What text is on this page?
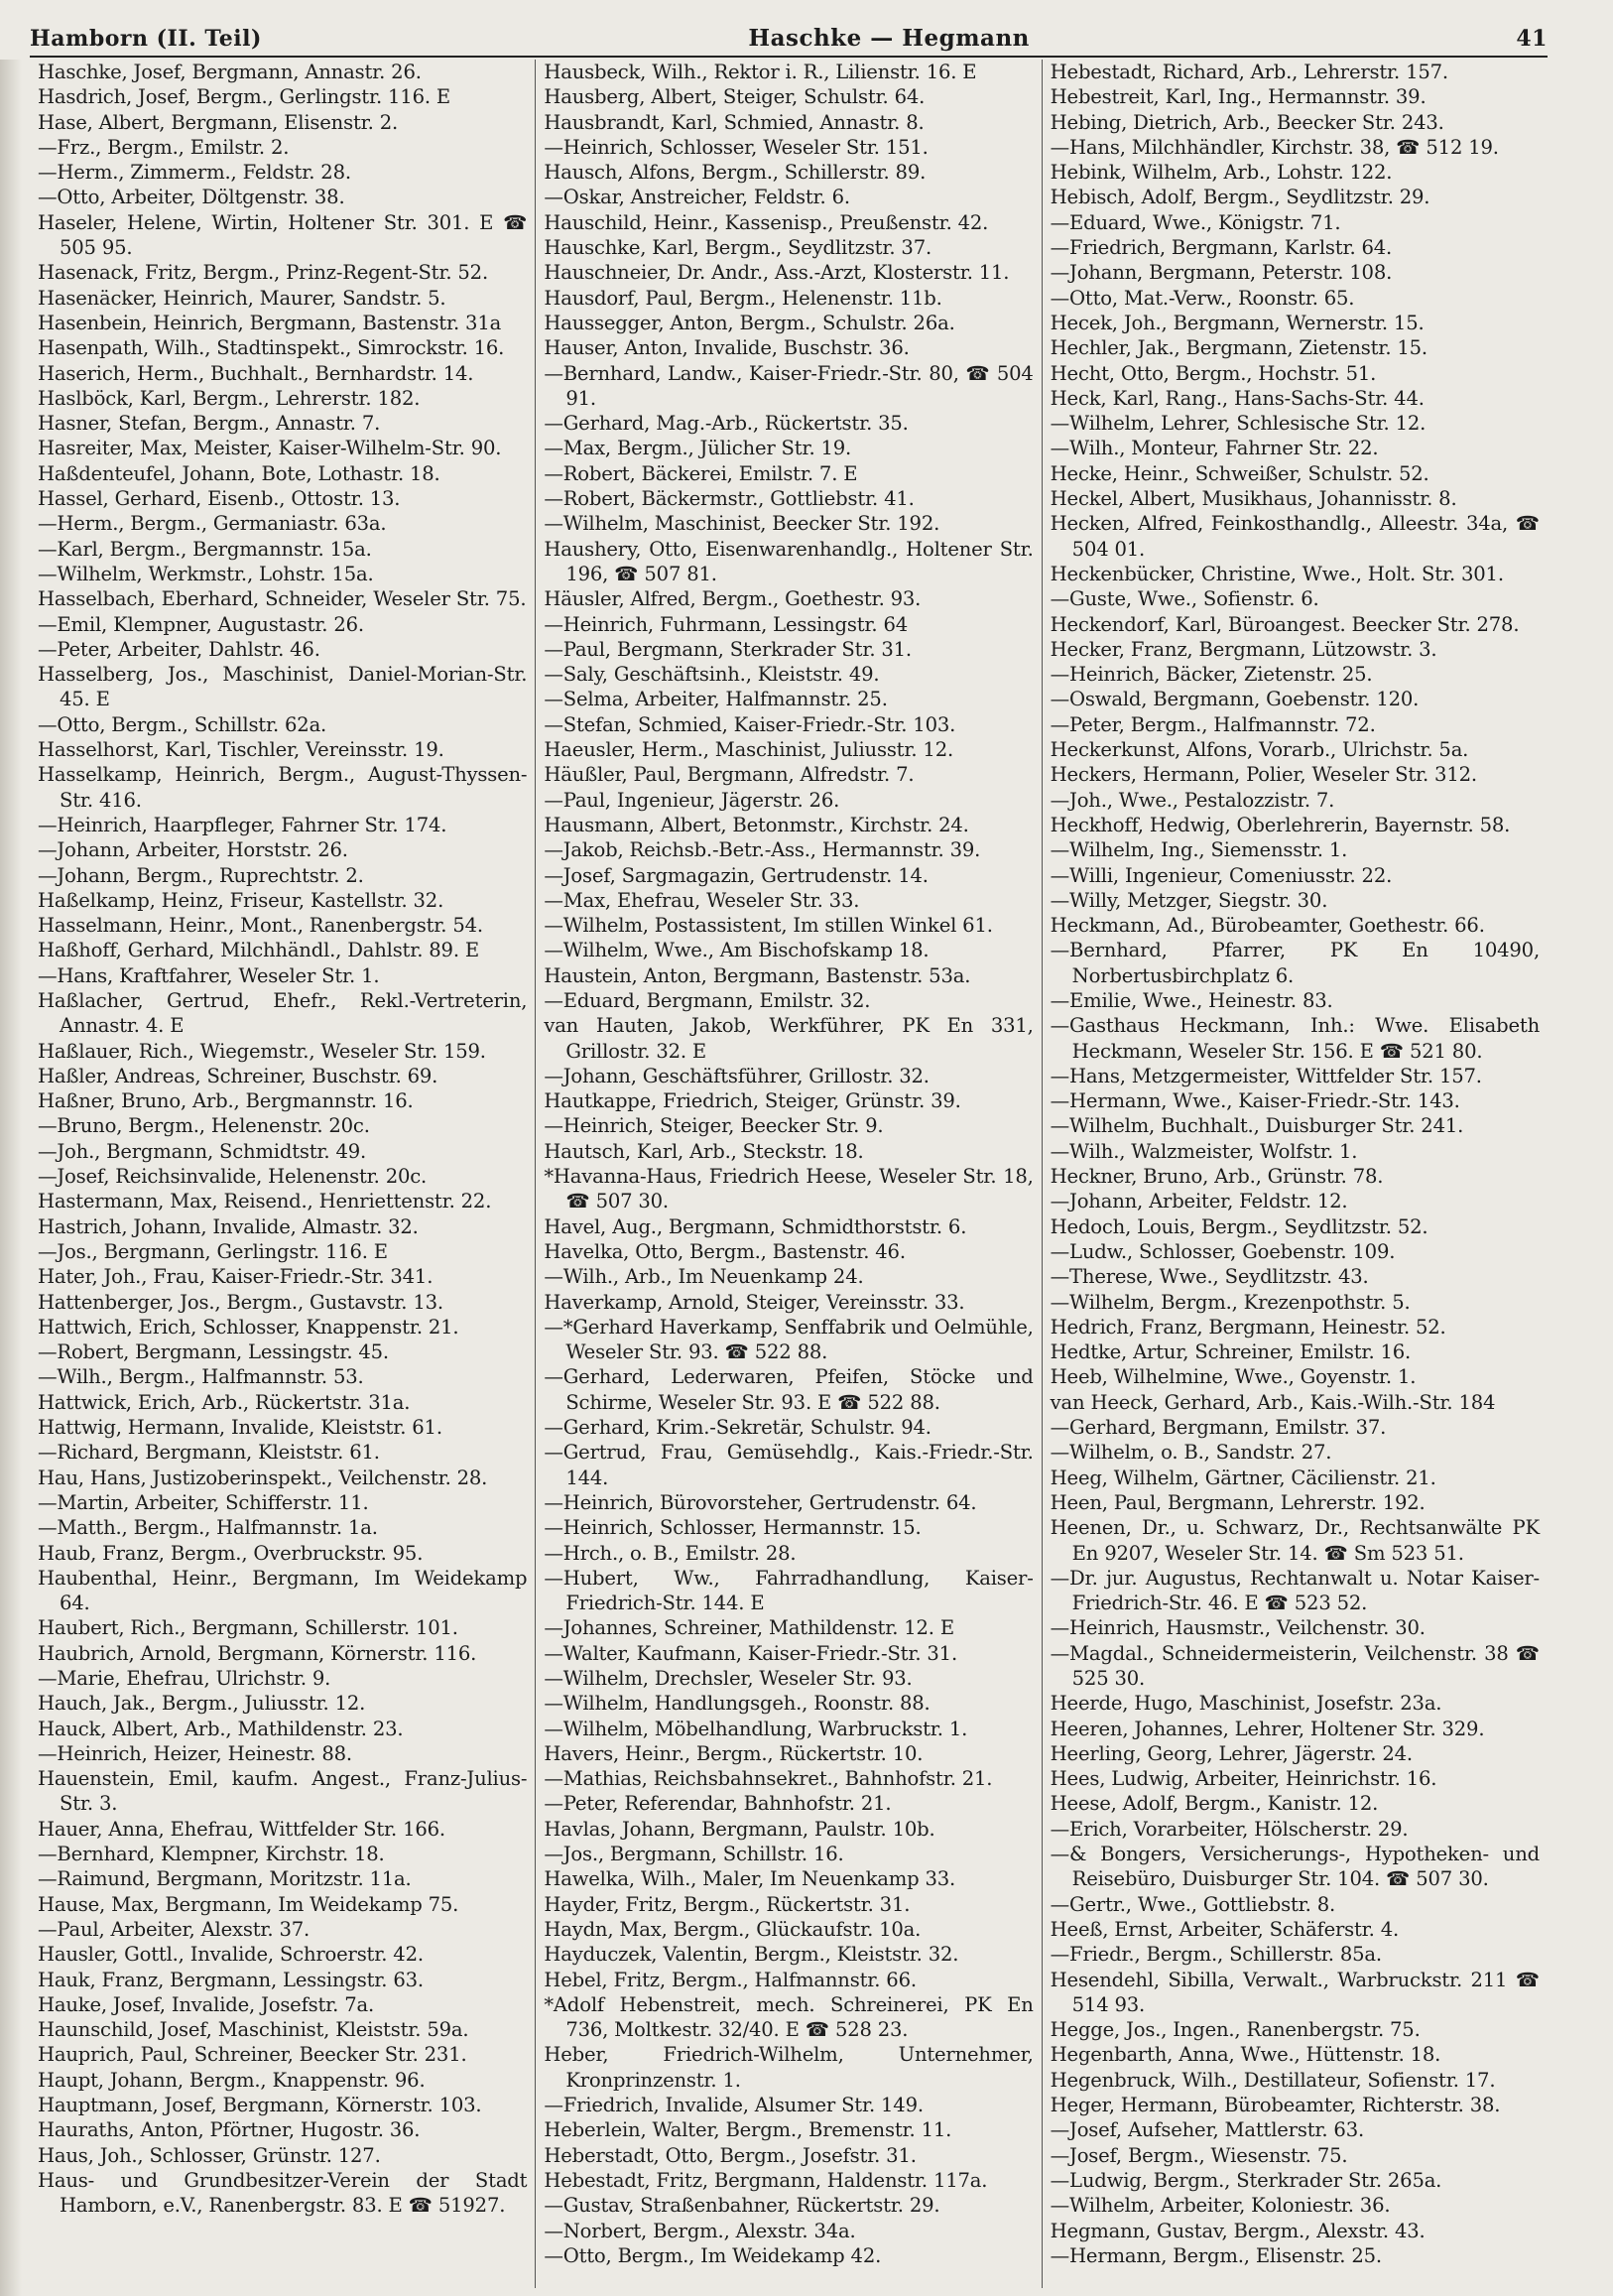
Hamborn (II. Teil)	Haschke — Hegmann	41

Haschke, Josef, Bergmann, Annastr. 26.

Hasdrich, Josef, Bergm., Gerlingstr. 116. E

Hase, Albert, Bergmann, Elisenstr. 2.

—Frz., Bergm., Emilstr. 2.

—Herm., Zimmerm., Feldstr. 28.

—Otto, Arbeiter, Döltgenstr. 38.

Haseler, Helene, Wirtin, Holtener Str. 301. E ☎ 505 95.

Hasenack, Fritz, Bergm., Prinz-Regent-Str. 52.

Hasenäcker, Heinrich, Maurer, Sandstr. 5.

Hasenbein, Heinrich, Bergmann, Bastenstr. 31a

Hasenpath, Wilh., Stadtinspekt., Simrockstr. 16.

Haserich, Herm., Buchhalt., Bernhardstr. 14.

Haslböck, Karl, Bergm., Lehrerstr. 182.

Hasner, Stefan, Bergm., Annastr. 7.

Hasreiter, Max, Meister, Kaiser-Wilhelm-Str. 90.

Haßdenteufel, Johann, Bote, Lothastr. 18.

Hassel, Gerhard, Eisenb., Ottostr. 13.

—Herm., Bergm., Germaniastr. 63a.

—Karl, Bergm., Bergmannstr. 15a.

—Wilhelm, Werkmstr., Lohstr. 15a.

Hasselbach, Eberhard, Schneider, Weseler Str. 75.

—Emil, Klempner, Augustastr. 26.

—Peter, Arbeiter, Dahlstr. 46.

Hasselberg, Jos., Maschinist, Daniel-Morian-Str. 45. E

—Otto, Bergm., Schillstr. 62a.

Hasselhorst, Karl, Tischler, Vereinsstr. 19.

Hasselkamp, Heinrich, Bergm., August-Thyssen-Str. 416.

—Heinrich, Haarpfleger, Fahrner Str. 174.

—Johann, Arbeiter, Horststr. 26.

—Johann, Bergm., Ruprechtstr. 2.

Haßelkamp, Heinz, Friseur, Kastellstr. 32.

Hasselmann, Heinr., Mont., Ranenbergstr. 54.

Haßhoff, Gerhard, Milchhändl., Dahlstr. 89. E

—Hans, Kraftfahrer, Weseler Str. 1.

Haßlacher, Gertrud, Ehefr., Rekl.-Vertreterin, Annastr. 4. E

Haßlauer, Rich., Wiegemstr., Weseler Str. 159.

Haßler, Andreas, Schreiner, Buschstr. 69.

Haßner, Bruno, Arb., Bergmannstr. 16.

—Bruno, Bergm., Helenenstr. 20c.

—Joh., Bergmann, Schmidtstr. 49.

—Josef, Reichsinvalide, Helenenstr. 20c.

Hastermann, Max, Reisend., Henriettenstr. 22.

Hastrich, Johann, Invalide, Almastr. 32.

—Jos., Bergmann, Gerlingstr. 116. E

Hater, Joh., Frau, Kaiser-Friedr.-Str. 341.

Hattenberger, Jos., Bergm., Gustavstr. 13.

Hattwich, Erich, Schlosser, Knappenstr. 21.

—Robert, Bergmann, Lessingstr. 45.

—Wilh., Bergm., Halfmannstr. 53.

Hattwick, Erich, Arb., Rückertstr. 31a.

Hattwig, Hermann, Invalide, Kleiststr. 61.

—Richard, Bergmann, Kleiststr. 61.

Hau, Hans, Justizoberinspekt., Veilchenstr. 28.

—Martin, Arbeiter, Schifferstr. 11.

—Matth., Bergm., Halfmannstr. 1a.

Haub, Franz, Bergm., Overbruckstr. 95.

Haubenthal, Heinr., Bergmann, Im Weidekamp 64.

Haubert, Rich., Bergmann, Schillerstr. 101.

Haubrich, Arnold, Bergmann, Körnerstr. 116.

—Marie, Ehefrau, Ulrichstr. 9.

Hauch, Jak., Bergm., Juliusstr. 12.

Hauck, Albert, Arb., Mathildenstr. 23.

—Heinrich, Heizer, Heinestr. 88.

Hauenstein, Emil, kaufm. Angest., Franz-Julius-Str. 3.

Hauer, Anna, Ehefrau, Wittfelder Str. 166.

—Bernhard, Klempner, Kirchstr. 18.

—Raimund, Bergmann, Moritzstr. 11a.

Hause, Max, Bergmann, Im Weidekamp 75.

—Paul, Arbeiter, Alexstr. 37.

Hausler, Gottl., Invalide, Schroerstr. 42.

Hauk, Franz, Bergmann, Lessingstr. 63.

Hauke, Josef, Invalide, Josefstr. 7a.

Haunschild, Josef, Maschinist, Kleiststr. 59a.

Hauprich, Paul, Schreiner, Beecker Str. 231.

Haupt, Johann, Bergm., Knappenstr. 96.

Hauptmann, Josef, Bergmann, Körnerstr. 103.

Hauraths, Anton, Pförtner, Hugostr. 36.

Haus, Joh., Schlosser, Grünstr. 127.

Haus- und Grundbesitzer-Verein der Stadt Hamborn, e.V., Ranenbergstr. 83. E ☎ 51927.

Hausbeck, Wilh., Rektor i. R., Lilienstr. 16. E

Hausberg, Albert, Steiger, Schulstr. 64.

Hausbrandt, Karl, Schmied, Annastr. 8.

—Heinrich, Schlosser, Weseler Str. 151.

Hausch, Alfons, Bergm., Schillerstr. 89.

—Oskar, Anstreicher, Feldstr. 6.

Hauschild, Heinr., Kassenisp., Preußenstr. 42.

Hauschke, Karl, Bergm., Seydlitzstr. 37.

Hauschneier, Dr. Andr., Ass.-Arzt, Klosterstr. 11.

Hausdorf, Paul, Bergm., Helenenstr. 11b.

Haussegger, Anton, Bergm., Schulstr. 26a.

Hauser, Anton, Invalide, Buschstr. 36.

—Bernhard, Landw., Kaiser-Friedr.-Str. 80, ☎ 504 91.

—Gerhard, Mag.-Arb., Rückertstr. 35.

—Max, Bergm., Jülicher Str. 19.

—Robert, Bäckerei, Emilstr. 7. E

—Robert, Bäckermstr., Gottliebstr. 41.

—Wilhelm, Maschinist, Beecker Str. 192.

Haushery, Otto, Eisenwarenhandlg., Holtener Str. 196, ☎ 507 81.

Häusler, Alfred, Bergm., Goethestr. 93.

—Heinrich, Fuhrmann, Lessingstr. 64

—Paul, Bergmann, Sterkrader Str. 31.

—Saly, Geschäftsinh., Kleiststr. 49.

—Selma, Arbeiter, Halfmannstr. 25.

—Stefan, Schmied, Kaiser-Friedr.-Str. 103.

Haeusler, Herm., Maschinist, Juliusstr. 12.

Häußler, Paul, Bergmann, Alfredstr. 7.

—Paul, Ingenieur, Jägerstr. 26.

Hausmann, Albert, Betonmstr., Kirchstr. 24.

—Jakob, Reichsb.-Betr.-Ass., Hermannstr. 39.

—Josef, Sargmagazin, Gertrudenstr. 14.

—Max, Ehefrau, Weseler Str. 33.

—Wilhelm, Postassistent, Im stillen Winkel 61.

—Wilhelm, Wwe., Am Bischofskamp 18.

Haustein, Anton, Bergmann, Bastenstr. 53a.

—Eduard, Bergmann, Emilstr. 32.

van Hauten, Jakob, Werkführer, PK En 331, Grillostr. 32. E

—Johann, Geschäftsführer, Grillostr. 32.

Hautkappe, Friedrich, Steiger, Grünstr. 39.

—Heinrich, Steiger, Beecker Str. 9.

Hautsch, Karl, Arb., Steckstr. 18.

*Havanna-Haus, Friedrich Heese, Weseler Str. 18, ☎ 507 30.

Havel, Aug., Bergmann, Schmidthorststr. 6.

Havelka, Otto, Bergm., Bastenstr. 46.

—Wilh., Arb., Im Neuenkamp 24.

Haverkamp, Arnold, Steiger, Vereinsstr. 33.

—*Gerhard Haverkamp, Senffabrik und Oelmühle, Weseler Str. 93. ☎ 522 88.

—Gerhard, Lederwaren, Pfeifen, Stöcke und Schirme, Weseler Str. 93. E ☎ 522 88.

—Gerhard, Krim.-Sekretär, Schulstr. 94.

—Gertrud, Frau, Gemüsehdlg., Kais.-Friedr.-Str. 144.

—Heinrich, Bürovorsteher, Gertrudenstr. 64.

—Heinrich, Schlosser, Hermannstr. 15.

—Hrch., o. B., Emilstr. 28.

—Hubert, Ww., Fahrradhandlung, Kaiser-Friedrich-Str. 144. E

—Johannes, Schreiner, Mathildenstr. 12. E

—Walter, Kaufmann, Kaiser-Friedr.-Str. 31.

—Wilhelm, Drechsler, Weseler Str. 93.

—Wilhelm, Handlungsgeh., Roonstr. 88.

—Wilhelm, Möbelhandlung, Warbruckstr. 1.

Havers, Heinr., Bergm., Rückertstr. 10.

—Mathias, Reichsbahnsekret., Bahnhofstr. 21.

—Peter, Referendar, Bahnhofstr. 21.

Havlas, Johann, Bergmann, Paulstr. 10b.

—Jos., Bergmann, Schillstr. 16.

Hawelka, Wilh., Maler, Im Neuenkamp 33.

Hayder, Fritz, Bergm., Rückertstr. 31.

Haydn, Max, Bergm., Glückaufstr. 10a.

Hayduczek, Valentin, Bergm., Kleiststr. 32.

Hebel, Fritz, Bergm., Halfmannstr. 66.

*Adolf Hebenstreit, mech. Schreinerei, PK En 736, Moltkestr. 32/40. E ☎ 528 23.

Heber, Friedrich-Wilhelm, Unternehmer, Kronprinzenstr. 1.

—Friedrich, Invalide, Alsumer Str. 149.

Heberlein, Walter, Bergm., Bremenstr. 11.

Heberstadt, Otto, Bergm., Josefstr. 31.

Hebestadt, Fritz, Bergmann, Haldenstr. 117a.

—Gustav, Straßenbahner, Rückertstr. 29.

—Norbert, Bergm., Alexstr. 34a.

—Otto, Bergm., Im Weidekamp 42.

Hebestadt, Richard, Arb., Lehrerstr. 157.

Hebestreit, Karl, Ing., Hermannstr. 39.

Hebing, Dietrich, Arb., Beecker Str. 243.

—Hans, Milchhändler, Kirchstr. 38, ☎ 512 19.

Hebink, Wilhelm, Arb., Lohstr. 122.

Hebisch, Adolf, Bergm., Seydlitzstr. 29.

—Eduard, Wwe., Königstr. 71.

—Friedrich, Bergmann, Karlstr. 64.

—Johann, Bergmann, Peterstr. 108.

—Otto, Mat.-Verw., Roonstr. 65.

Hecek, Joh., Bergmann, Wernerstr. 15.

Hechler, Jak., Bergmann, Zietenstr. 15.

Hecht, Otto, Bergm., Hochstr. 51.

Heck, Karl, Rang., Hans-Sachs-Str. 44.

—Wilhelm, Lehrer, Schlesische Str. 12.

—Wilh., Monteur, Fahrner Str. 22.

Hecke, Heinr., Schweißer, Schulstr. 52.

Heckel, Albert, Musikhaus, Johannisstr. 8.

Hecken, Alfred, Feinkosthandlg., Alleestr. 34a, ☎ 504 01.

Heckenbücker, Christine, Wwe., Holt. Str. 301.

—Guste, Wwe., Sofienstr. 6.

Heckendorf, Karl, Büroangest. Beecker Str. 278.

Hecker, Franz, Bergmann, Lützowstr. 3.

—Heinrich, Bäcker, Zietenstr. 25.

—Oswald, Bergmann, Goebenstr. 120.

—Peter, Bergm., Halfmannstr. 72.

Heckerkunst, Alfons, Vorarb., Ulrichstr. 5a.

Heckers, Hermann, Polier, Weseler Str. 312.

—Joh., Wwe., Pestalozzistr. 7.

Heckhoff, Hedwig, Oberlehrerin, Bayernstr. 58.

—Wilhelm, Ing., Siemensstr. 1.

—Willi, Ingenieur, Comeniusstr. 22.

—Willy, Metzger, Siegstr. 30.

Heckmann, Ad., Bürobeamter, Goethestr. 66.

—Bernhard, Pfarrer, PK En 10490, Norbertusbirchplatz 6.

—Emilie, Wwe., Heinestr. 83.

—Gasthaus Heckmann, Inh.: Wwe. Elisabeth Heckmann, Weseler Str. 156. E ☎ 521 80.

—Hans, Metzgermeister, Wittfelder Str. 157.

—Hermann, Wwe., Kaiser-Friedr.-Str. 143.

—Wilhelm, Buchhalt., Duisburger Str. 241.

—Wilh., Walzmeister, Wolfstr. 1.

Heckner, Bruno, Arb., Grünstr. 78.

—Johann, Arbeiter, Feldstr. 12.

Hedoch, Louis, Bergm., Seydlitzstr. 52.

—Ludw., Schlosser, Goebenstr. 109.

—Therese, Wwe., Seydlitzstr. 43.

—Wilhelm, Bergm., Krezenpothstr. 5.

Hedrich, Franz, Bergmann, Heinestr. 52.

Hedtke, Artur, Schreiner, Emilstr. 16.

Heeb, Wilhelmine, Wwe., Goyenstr. 1.

van Heeck, Gerhard, Arb., Kais.-Wilh.-Str. 184

—Gerhard, Bergmann, Emilstr. 37.

—Wilhelm, o. B., Sandstr. 27.

Heeg, Wilhelm, Gärtner, Cäcilienstr. 21.

Heen, Paul, Bergmann, Lehrerstr. 192.

Heenen, Dr., u. Schwarz, Dr., Rechtsanwälte PK En 9207, Weseler Str. 14. ☎ Sm 523 51.

—Dr. jur. Augustus, Rechtanwalt u. Notar Kaiser-Friedrich-Str. 46. E ☎ 523 52.

—Heinrich, Hausmstr., Veilchenstr. 30.

—Magdal., Schneidermeisterin, Veilchenstr. 38 ☎ 525 30.

Heerde, Hugo, Maschinist, Josefstr. 23a.

Heeren, Johannes, Lehrer, Holtener Str. 329.

Heerling, Georg, Lehrer, Jägerstr. 24.

Hees, Ludwig, Arbeiter, Heinrichstr. 16.

Heese, Adolf, Bergm., Kanistr. 12.

—Erich, Vorarbeiter, Hölscherstr. 29.

—& Bongers, Versicherungs-, Hypotheken- und Reisebüro, Duisburger Str. 104. ☎ 507 30.

—Gertr., Wwe., Gottliebstr. 8.

Heeß, Ernst, Arbeiter, Schäferstr. 4.

—Friedr., Bergm., Schillerstr. 85a.

Hesendehl, Sibilla, Verwalt., Warbruckstr. 211 ☎ 514 93.

Hegge, Jos., Ingen., Ranenbergstr. 75.

Hegenbarth, Anna, Wwe., Hüttenstr. 18.

Hegenbruck, Wilh., Destillateur, Sofienstr. 17.

Heger, Hermann, Bürobeamter, Richterstr. 38.

—Josef, Aufseher, Mattlerstr. 63.

—Josef, Bergm., Wiesenstr. 75.

—Ludwig, Bergm., Sterkrader Str. 265a.

—Wilhelm, Arbeiter, Koloniestr. 36.

Hegmann, Gustav, Bergm., Alexstr. 43.

—Hermann, Bergm., Elisenstr. 25.
